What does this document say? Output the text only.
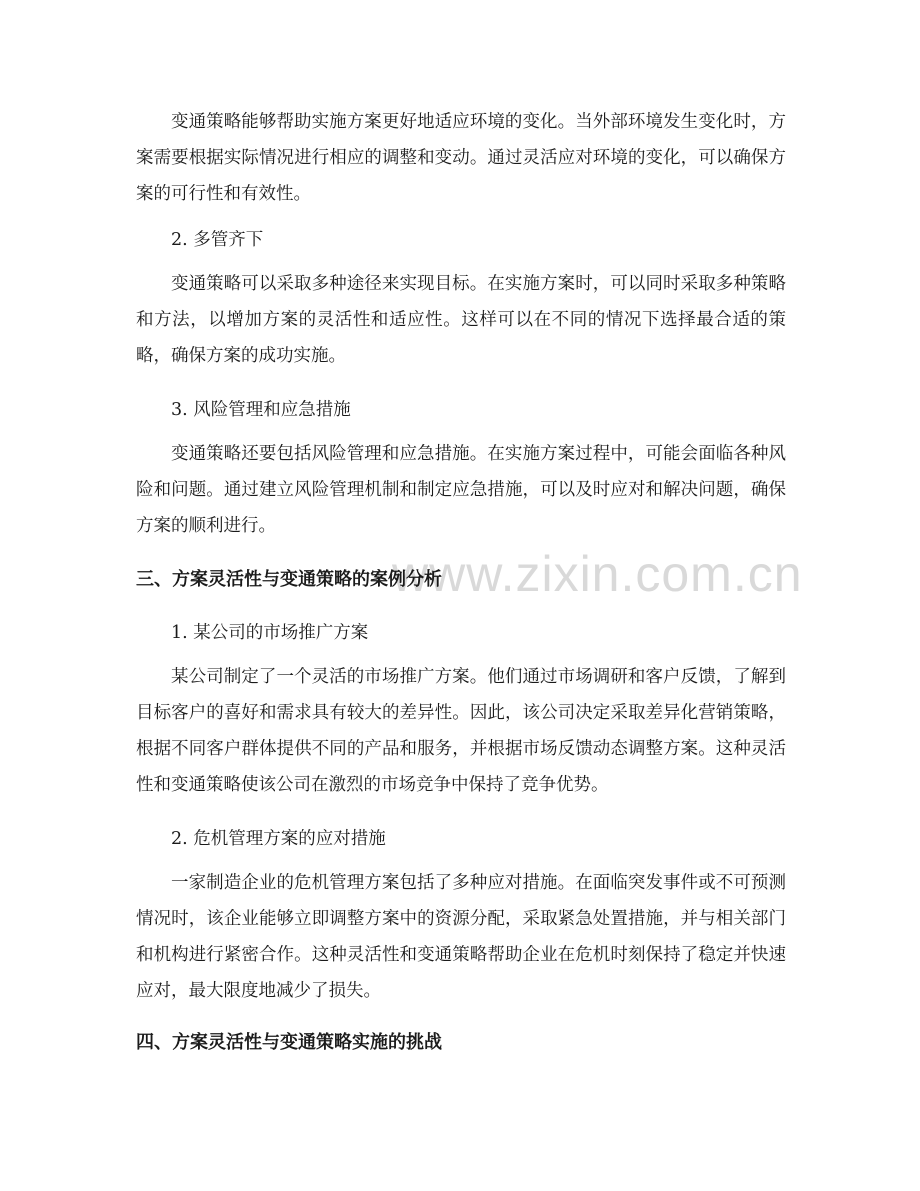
www.zixin.com.cn

变通策略能够帮助实施方案更好地适应环境的变化。当外部环境发生变化时，方案需要根据实际情况进行相应的调整和变动。通过灵活应对环境的变化，可以确保方案的可行性和有效性。

2. 多管齐下

变通策略可以采取多种途径来实现目标。在实施方案时，可以同时采取多种策略和方法，以增加方案的灵活性和适应性。这样可以在不同的情况下选择最合适的策略，确保方案的成功实施。

3. 风险管理和应急措施

变通策略还要包括风险管理和应急措施。在实施方案过程中，可能会面临各种风险和问题。通过建立风险管理机制和制定应急措施，可以及时应对和解决问题，确保方案的顺利进行。

三、方案灵活性与变通策略的案例分析

1. 某公司的市场推广方案

某公司制定了一个灵活的市场推广方案。他们通过市场调研和客户反馈，了解到目标客户的喜好和需求具有较大的差异性。因此，该公司决定采取差异化营销策略，根据不同客户群体提供不同的产品和服务，并根据市场反馈动态调整方案。这种灵活性和变通策略使该公司在激烈的市场竞争中保持了竞争优势。

2. 危机管理方案的应对措施

一家制造企业的危机管理方案包括了多种应对措施。在面临突发事件或不可预测情况时，该企业能够立即调整方案中的资源分配，采取紧急处置措施，并与相关部门和机构进行紧密合作。这种灵活性和变通策略帮助企业在危机时刻保持了稳定并快速应对，最大限度地减少了损失。

四、方案灵活性与变通策略实施的挑战
